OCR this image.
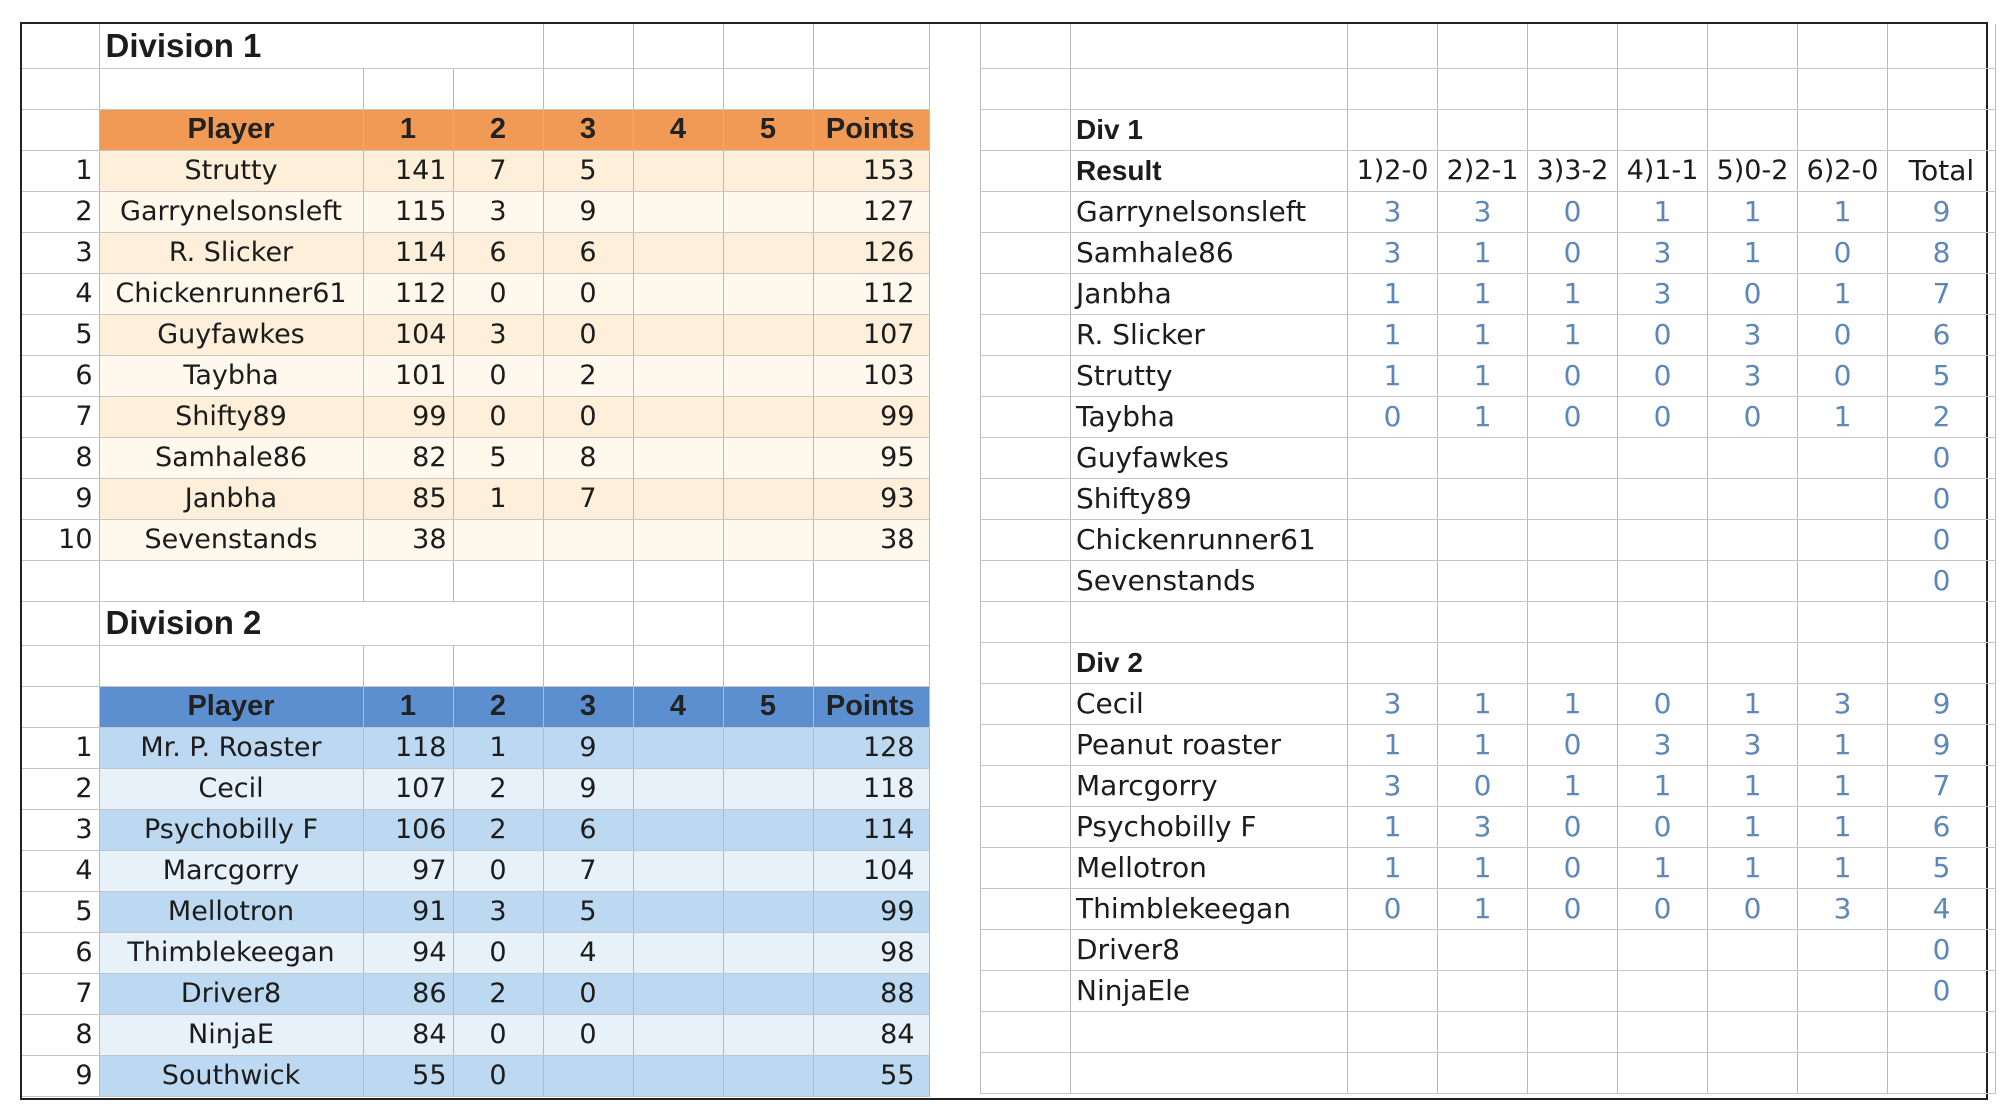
	Division 1						

	Player	1	2	3	4	5	Points
1	Strutty	141	7	5			153
2	Garrynelsonsleft	115	3	9			127
3	R. Slicker	114	6	6			126
4	Chickenrunner61	112	0	0			112
5	Guyfawkes	104	3	0			107
6	Taybha	101	0	2			103
7	Shifty89	99	0	0			99
8	Samhale86	82	5	8			95
9	Janbha	85	1	7			93
10	Sevenstands	38					38

	Division 2						

	Player	1	2	3	4	5	Points
1	Mr. P. Roaster	118	1	9			128
2	Cecil	107	2	9			118
3	Psychobilly F	106	2	6			114
4	Marcgorry	97	0	7			104
5	Mellotron	91	3	5			99
6	Thimblekeegan	94	0	4			98
7	Driver8	86	2	0			88
8	NinjaE	84	0	0			84
9	Southwick	55	0				55

	Div 1							
	Result	1)2-0	2)2-1	3)3-2	4)1-1	5)0-2	6)2-0	Total
	Garrynelsonsleft	3	3	0	1	1	1	9
	Samhale86	3	1	0	3	1	0	8
	Janbha	1	1	1	3	0	1	7
	R. Slicker	1	1	1	0	3	0	6
	Strutty	1	1	0	0	3	0	5
	Taybha	0	1	0	0	0	1	2
	Guyfawkes							0
	Shifty89							0
	Chickenrunner61							0
	Sevenstands							0

	Div 2							
	Cecil	3	1	1	0	1	3	9
	Peanut roaster	1	1	0	3	3	1	9
	Marcgorry	3	0	1	1	1	1	7
	Psychobilly F	1	3	0	0	1	1	6
	Mellotron	1	1	0	1	1	1	5
	Thimblekeegan	0	1	0	0	0	3	4
	Driver8							0
	NinjaEle							0
